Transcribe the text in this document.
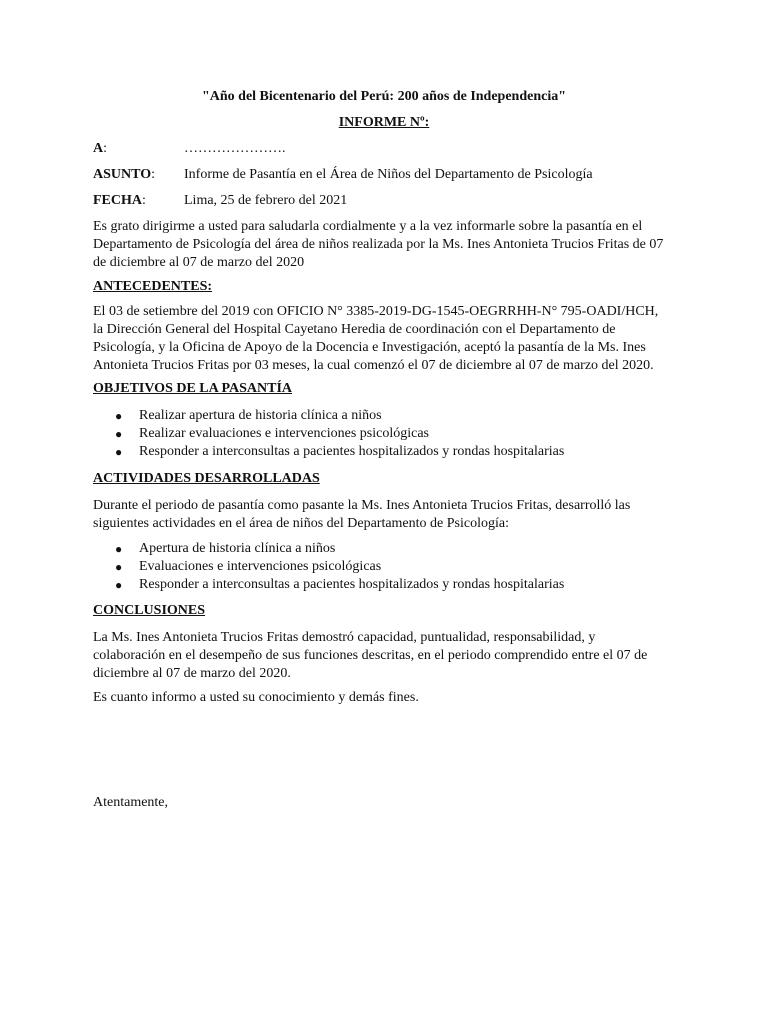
"Año del Bicentenario del Perú: 200 años de Independencia"
INFORME Nº:
A:	………………….
ASUNTO: Informe de Pasantía en el Área de Niños del Departamento de Psicología
FECHA:	Lima, 25 de febrero del 2021
Es grato dirigirme a usted para saludarla cordialmente y a la vez informarle sobre la pasantía en el
Departamento de Psicología del área de niños realizada por la Ms. Ines Antonieta Trucios Fritas de 07
de diciembre al 07 de marzo del 2020
ANTECEDENTES:
El 03 de setiembre del 2019 con OFICIO N° 3385-2019-DG-1545-OEGRRHH-N° 795-OADI/HCH,
la Dirección General del Hospital Cayetano Heredia de coordinación con el Departamento de
Psicología, y la Oficina de Apoyo de la Docencia e Investigación, aceptó la pasantía de la Ms. Ines
Antonieta Trucios Fritas por 03 meses, la cual comenzó el 07 de diciembre al 07 de marzo del 2020.
OBJETIVOS DE LA PASANTÍA
● Realizar apertura de historia clínica a niños
● Realizar evaluaciones e intervenciones psicológicas
● Responder a interconsultas a pacientes hospitalizados y rondas hospitalarias
ACTIVIDADES DESARROLLADAS
Durante el periodo de pasantía como pasante la Ms. Ines Antonieta Trucios Fritas, desarrolló las
siguientes actividades en el área de niños del Departamento de Psicología:
● Apertura de historia clínica a niños
● Evaluaciones e intervenciones psicológicas
● Responder a interconsultas a pacientes hospitalizados y rondas hospitalarias
CONCLUSIONES
La Ms. Ines Antonieta Trucios Fritas demostró capacidad, puntualidad, responsabilidad, y
colaboración en el desempeño de sus funciones descritas, en el periodo comprendido entre el 07 de
diciembre al 07 de marzo del 2020.
Es cuanto informo a usted su conocimiento y demás fines.
Atentamente,
